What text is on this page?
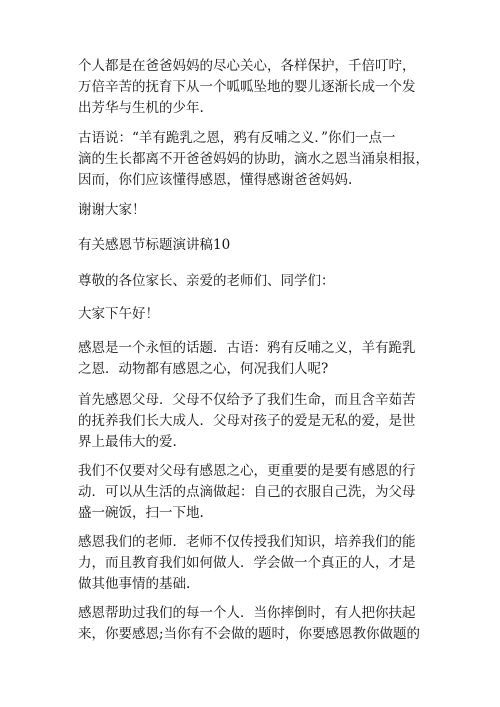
个人都是在爸爸妈妈的尽心关心，各样保护，千倍叮咛，
万倍辛苦的抚育下从一个呱呱坠地的婴儿逐渐长成一个发
出芳华与生机的少年.
古语说：“羊有跪乳之恩，鸦有反哺之义．”你们一点一
滴的生长都离不开爸爸妈妈的协助，滴水之恩当涌泉相报，
因而，你们应该懂得感恩，懂得感谢爸爸妈妈.
谢谢大家！
有关感恩节标题演讲稿10
尊敬的各位家长、亲爱的老师们、同学们：
大家下午好！
感恩是一个永恒的话题．古语：鸦有反哺之义，羊有跪乳
之恩．动物都有感恩之心，何况我们人呢?
首先感恩父母．父母不仅给予了我们生命，而且含辛茹苦
的抚养我们长大成人．父母对孩子的爱是无私的爱，是世
界上最伟大的爱.
我们不仅要对父母有感恩之心，更重要的是要有感恩的行
动．可以从生活的点滴做起：自己的衣服自己洗，为父母
盛一碗饭，扫一下地.
感恩我们的老师．老师不仅传授我们知识，培养我们的能
力，而且教育我们如何做人．学会做一个真正的人，才是
做其他事情的基础.
感恩帮助过我们的每一个人．当你摔倒时，有人把你扶起
来，你要感恩;当你有不会做的题时，你要感恩教你做题的
